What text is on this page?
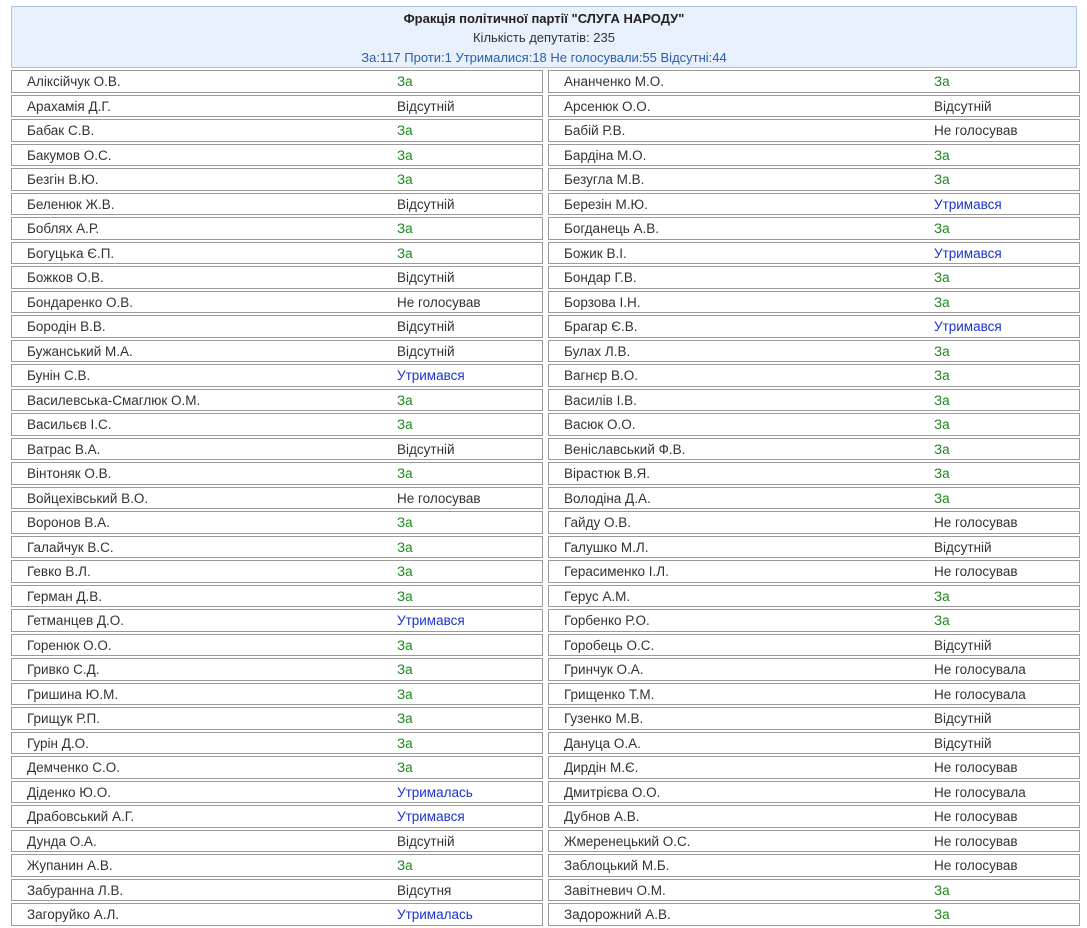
Фракція політичної партії "СЛУГА НАРОДУ"
Кількість депутатів: 235
За:117 Проти:1 Утрималися:18 Не голосували:55 Відсутні:44
Аліксійчук О.В.	За
Арахамія Д.Г.	Відсутній
Бабак С.В.	За
Бакумов О.С.	За
Безгін В.Ю.	За
Беленюк Ж.В.	Відсутній
Боблях А.Р.	За
Богуцька Є.П.	За
Божков О.В.	Відсутній
Бондаренко О.В.	Не голосував
Бородін В.В.	Відсутній
Бужанський М.А.	Відсутній
Бунін С.В.	Утримався
Василевська-Смаглюк О.М.	За
Васильєв І.С.	За
Ватрас В.А.	Відсутній
Вінтоняк О.В.	За
Войцехівський В.О.	Не голосував
Воронов В.А.	За
Галайчук В.С.	За
Гевко В.Л.	За
Герман Д.В.	За
Гетманцев Д.О.	Утримався
Горенюк О.О.	За
Гривко С.Д.	За
Гришина Ю.М.	За
Грищук Р.П.	За
Гурін Д.О.	За
Демченко С.О.	За
Діденко Ю.О.	Утрималась
Драбовський А.Г.	Утримався
Дунда О.А.	Відсутній
Жупанин А.В.	За
Забуранна Л.В.	Відсутня
Загоруйко А.Л.	Утрималась
Ананченко М.О.	За
Арсенюк О.О.	Відсутній
Бабій Р.В.	Не голосував
Бардіна М.О.	За
Безугла М.В.	За
Березін М.Ю.	Утримався
Богданець А.В.	За
Божик В.І.	Утримався
Бондар Г.В.	За
Борзова І.Н.	За
Брагар Є.В.	Утримався
Булах Л.В.	За
Вагнєр В.О.	За
Василів І.В.	За
Васюк О.О.	За
Веніславський Ф.В.	За
Вірастюк В.Я.	За
Володіна Д.А.	За
Гайду О.В.	Не голосував
Галушко М.Л.	Відсутній
Герасименко І.Л.	Не голосував
Герус А.М.	За
Горбенко Р.О.	За
Горобець О.С.	Відсутній
Гринчук О.А.	Не голосувала
Грищенко Т.М.	Не голосувала
Гузенко М.В.	Відсутній
Дануца О.А.	Відсутній
Дирдін М.Є.	Не голосував
Дмитрієва О.О.	Не голосувала
Дубнов А.В.	Не голосував
Жмеренецький О.С.	Не голосував
Заблоцький М.Б.	Не голосував
Завітневич О.М.	За
Задорожний А.В.	За
